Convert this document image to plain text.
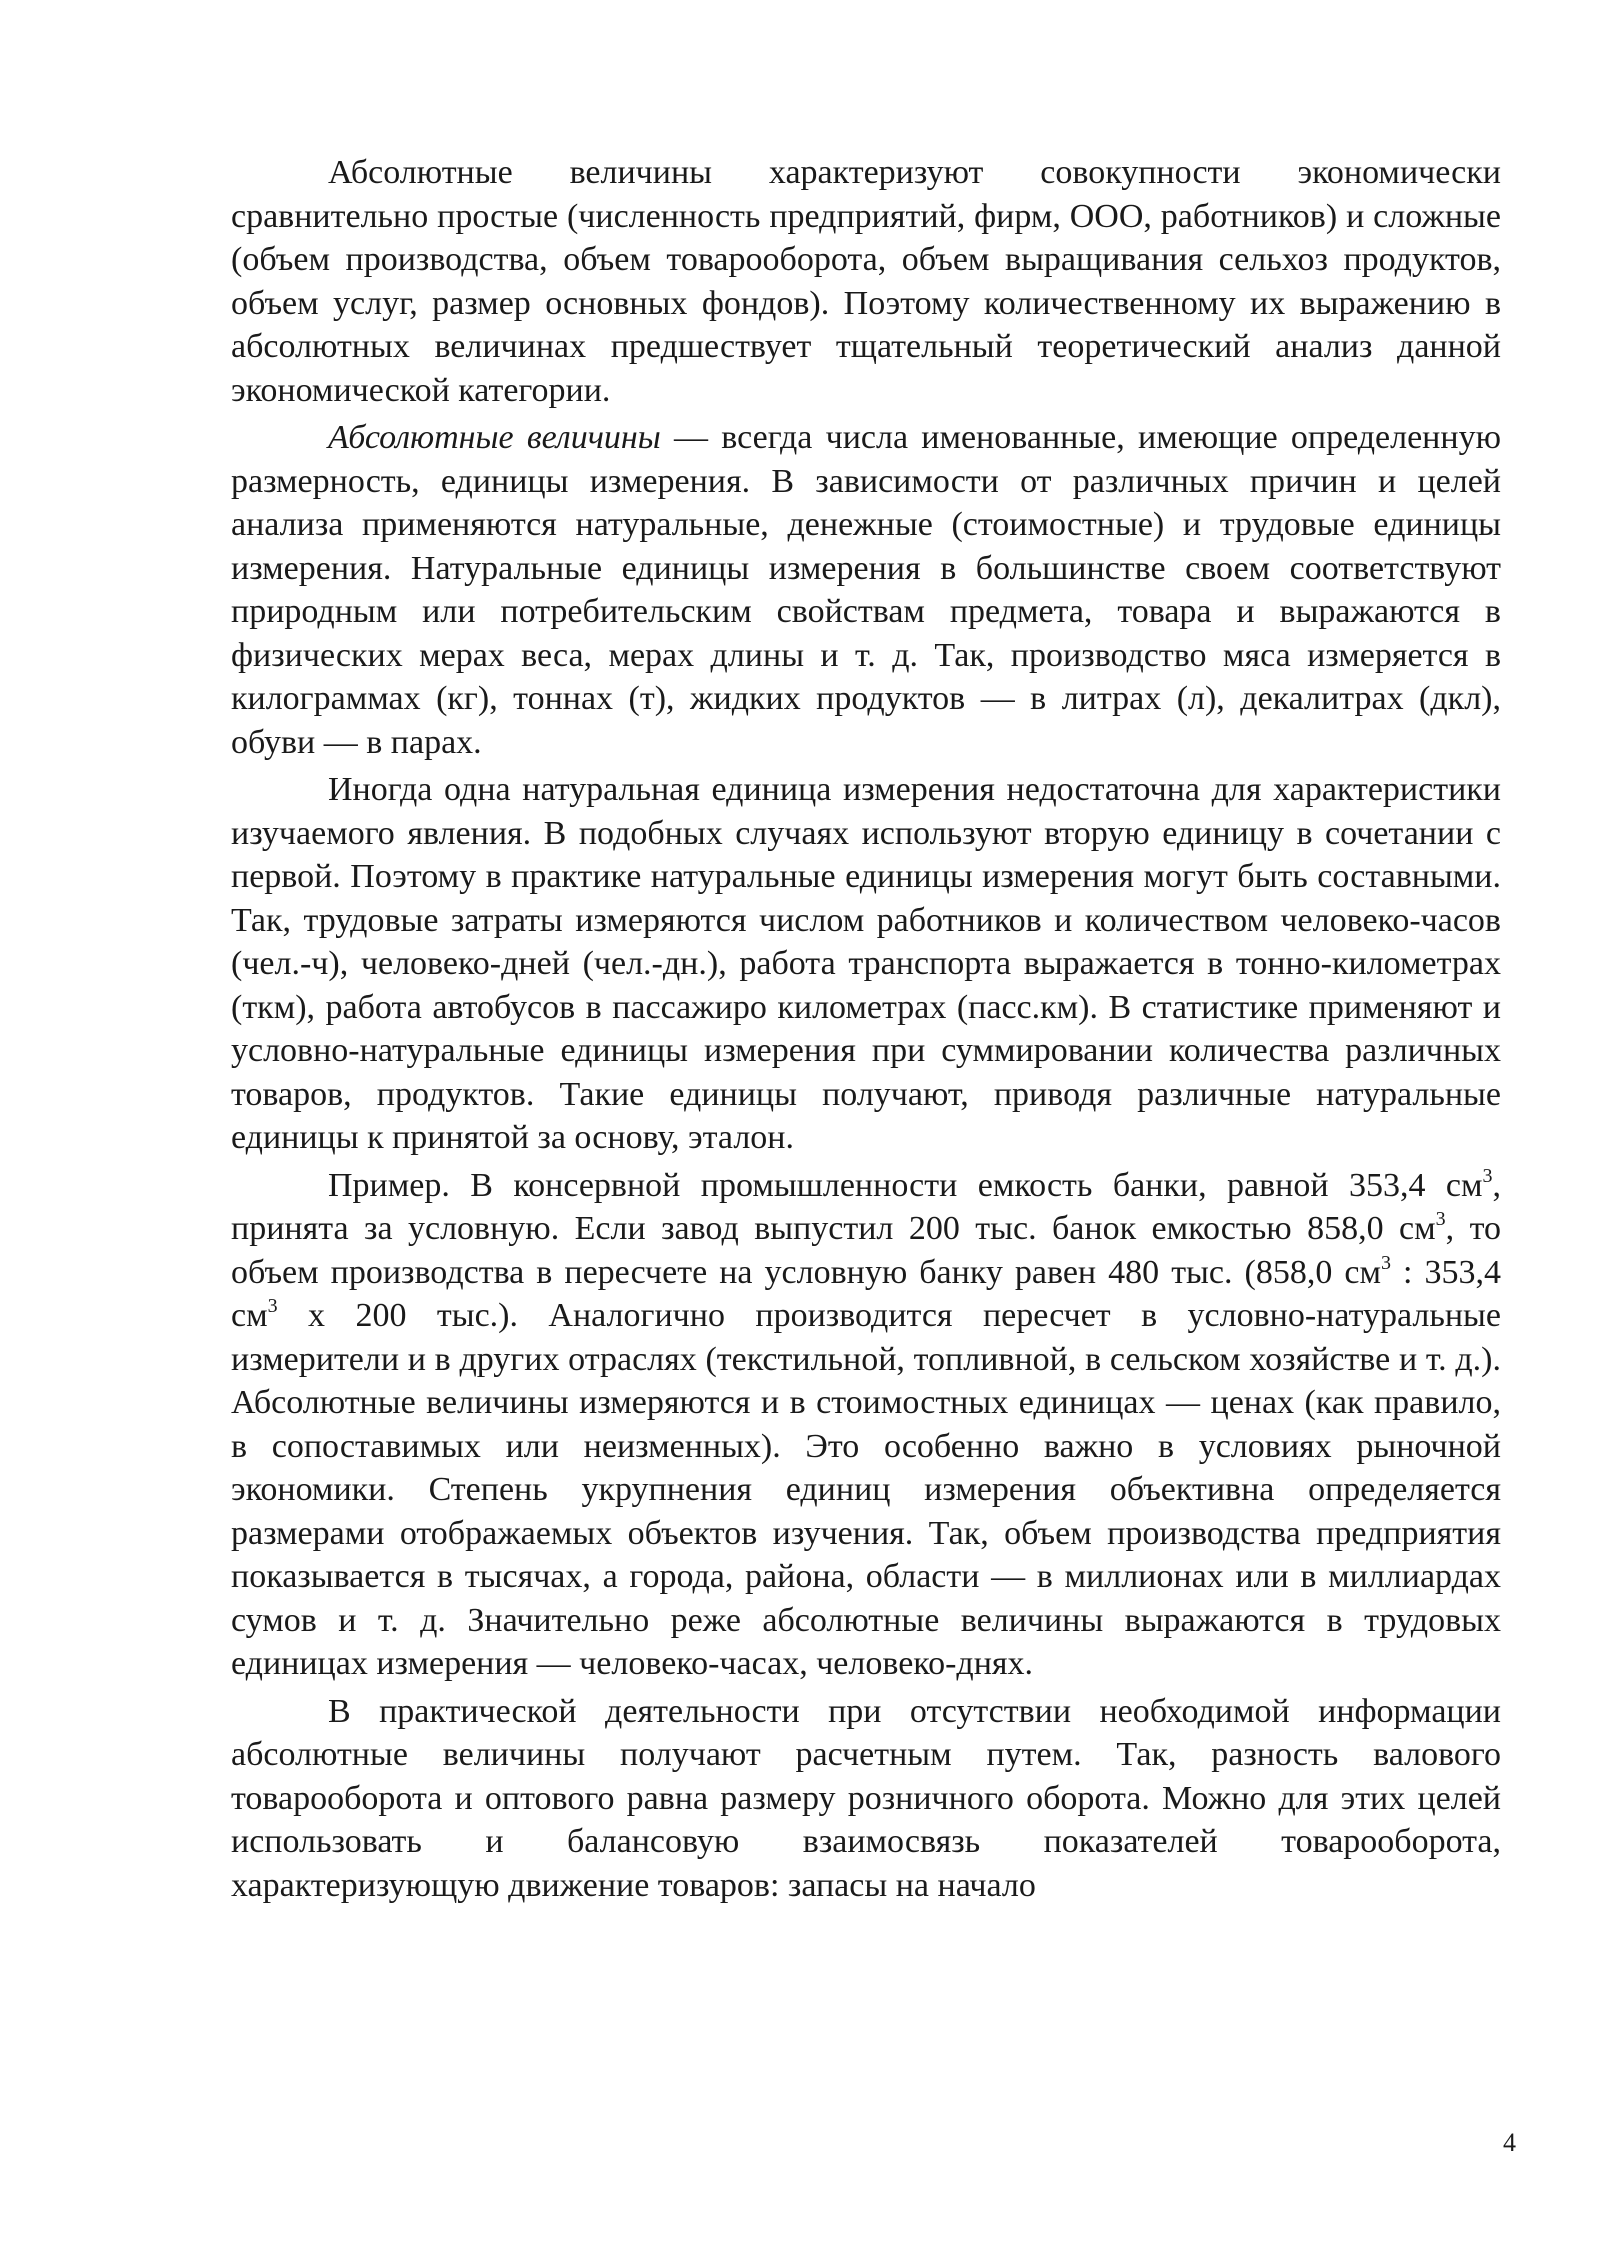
Абсолютные величины характеризуют совокупности экономически сравнительно простые (численность предприятий, фирм, ООО, работников) и сложные (объем производства, объем товарооборота, объем выращивания сельхоз продуктов, объем услуг, размер основных фондов). Поэтому количественному их выражению в абсолютных величинах предшествует тщательный теоретический анализ данной экономической категории.

Абсолютные величины — всегда числа именованные, имеющие определенную размерность, единицы измерения. В зависимости от различных причин и целей анализа применяются натуральные, денежные (стоимостные) и трудовые единицы измерения. Натуральные единицы измерения в большинстве своем соответствуют природным или потребительским свойствам предмета, товара и выражаются в физических мерах веса, мерах длины и т. д. Так, производство мяса измеряется в килограммах (кг), тоннах (т), жидких продуктов — в литрах (л), декалитрах (дкл), обуви — в парах.

Иногда одна натуральная единица измерения недостаточна для характеристики изучаемого явления. В подобных случаях используют вторую единицу в сочетании с первой. Поэтому в практике натуральные единицы измерения могут быть составными. Так, трудовые затраты измеряются числом работников и количеством человеко-часов (чел.-ч), человеко-дней (чел.-дн.), работа транспорта выражается в тонно-километрах (ткм), работа автобусов в пассажиро километрах (пасс.км). В статистике применяют и условно-натуральные единицы измерения при суммировании количества различных товаров, продуктов. Такие единицы получают, приводя различные натуральные единицы к принятой за основу, эталон.

Пример. В консервной промышленности емкость банки, равной 353,4 $см^3$, принята за условную. Если завод выпустил 200 тыс. банок емкостью 858,0 $см^3$, то объем производства в пересчете на условную банку равен 480 тыс. (858,0 $см^3$ : 353,4 $см^3$ х 200 тыс.). Аналогично производится пересчет в условно-натуральные измерители и в других отраслях (текстильной, топливной, в сельском хозяйстве и т. д.). Абсолютные величины измеряются и в стоимостных единицах — ценах (как правило, в сопоставимых или неизменных). Это особенно важно в условиях рыночной экономики. Степень укрупнения единиц измерения объективна определяется размерами отображаемых объектов изучения. Так, объем производства предприятия показывается в тысячах, а города, района, области — в миллионах или в миллиардах сумов и т. д. Значительно реже абсолютные величины выражаются в трудовых единицах измерения — человеко-часах, человеко-днях.

В практической деятельности при отсутствии необходимой информации абсолютные величины получают расчетным путем. Так, разность валового товарооборота и оптового равна размеру розничного оборота. Можно для этих целей использовать и балансовую взаимосвязь показателей товарооборота, характеризующую движение товаров: запасы на начало

4
